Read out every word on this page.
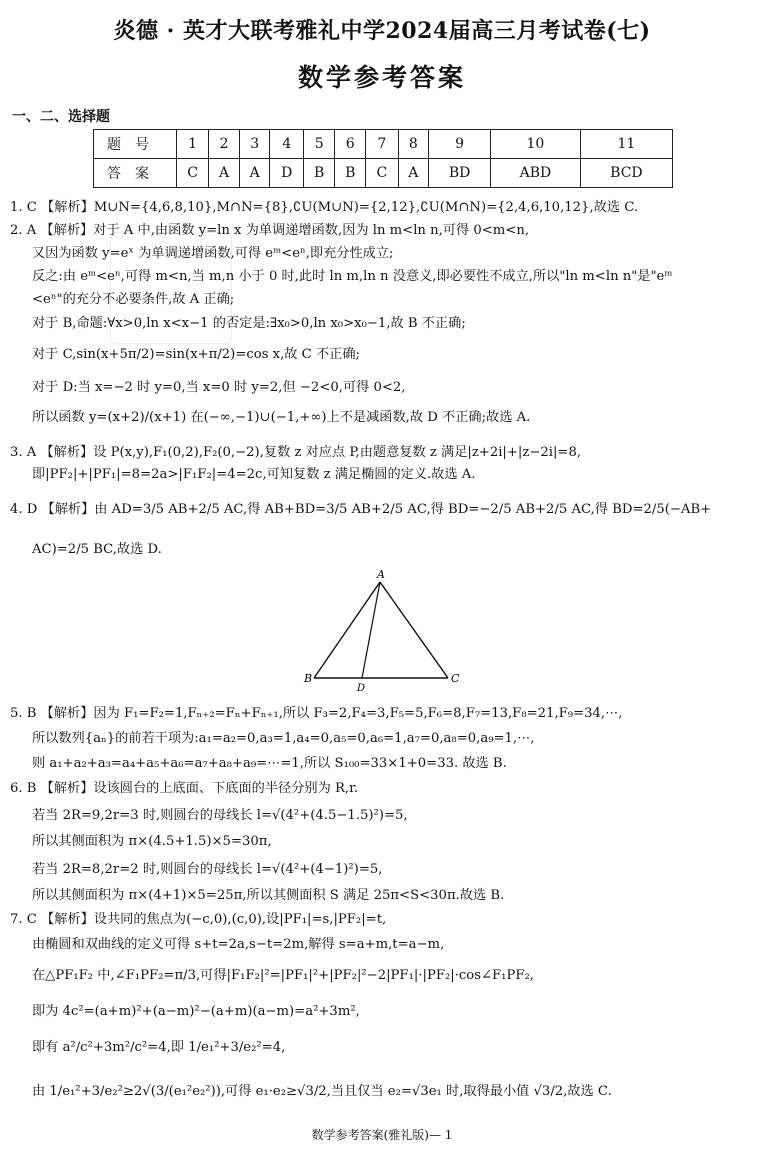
炎德 · 英才大联考雅礼中学2024届高三月考试卷(七)
数学参考答案
一、二、选择题
题号	1	2	3	4	5	6	7	8	9	10	11
答案	C	A	A	D	B	B	C	A	BD	ABD	BCD
1. C 【解析】M∪N={4,6,8,10},M∩N={8},∁U(M∪N)={2,12},∁U(M∩N)={2,4,6,10,12},故选 C.
2. A 【解析】对于 A 中,由函数 y=ln x 为单调递增函数,因为 ln m<ln n,可得 0<m<n,
又因为函数 y=eˣ 为单调递增函数,可得 eᵐ<eⁿ,即充分性成立;
反之:由 eᵐ<eⁿ,可得 m<n,当 m,n 小于 0 时,此时 ln m,ln n 没意义,即必要性不成立,所以"ln m<ln n"是"eᵐ
<eⁿ"的充分不必要条件,故 A 正确;
对于 B,命题:∀x>0,ln x<x−1 的否定是:∃x₀>0,ln x₀>x₀−1,故 B 不正确;
对于 C,sin(x+5π/2)=sin(x+π/2)=cos x,故 C 不正确;
对于 D:当 x=−2 时 y=0,当 x=0 时 y=2,但 −2<0,可得 0<2,
所以函数 y=(x+2)/(x+1) 在(−∞,−1)∪(−1,+∞)上不是减函数,故 D 不正确;故选 A.
3. A 【解析】设 P(x,y),F₁(0,2),F₂(0,−2),复数 z 对应点 P,由题意复数 z 满足|z+2i|+|z−2i|=8,
即|PF₂|+|PF₁|=8=2a>|F₁F₂|=4=2c,可知复数 z 满足椭圆的定义.故选 A.
4. D 【解析】由 AD=3/5 AB+2/5 AC,得 AB+BD=3/5 AB+2/5 AC,得 BD=−2/5 AB+2/5 AC,得 BD=2/5(−AB+
AC)=2/5 BC,故选 D.
A
B
D
C
5. B 【解析】因为 F₁=F₂=1,Fₙ₊₂=Fₙ+Fₙ₊₁,所以 F₃=2,F₄=3,F₅=5,F₆=8,F₇=13,F₈=21,F₉=34,⋯,
所以数列{aₙ}的前若干项为:a₁=a₂=0,a₃=1,a₄=0,a₅=0,a₆=1,a₇=0,a₈=0,a₉=1,⋯,
则 a₁+a₂+a₃=a₄+a₅+a₆=a₇+a₈+a₉=⋯=1,所以 S₁₀₀=33×1+0=33. 故选 B.
6. B 【解析】设该圆台的上底面、下底面的半径分别为 R,r.
若当 2R=9,2r=3 时,则圆台的母线长 l=√(4²+(4.5−1.5)²)=5,
所以其侧面积为 π×(4.5+1.5)×5=30π,
若当 2R=8,2r=2 时,则圆台的母线长 l=√(4²+(4−1)²)=5,
所以其侧面积为 π×(4+1)×5=25π,所以其侧面积 S 满足 25π<S<30π.故选 B.
7. C 【解析】设共同的焦点为(−c,0),(c,0),设|PF₁|=s,|PF₂|=t,
由椭圆和双曲线的定义可得 s+t=2a,s−t=2m,解得 s=a+m,t=a−m,
在△PF₁F₂ 中,∠F₁PF₂=π/3,可得|F₁F₂|²=|PF₁|²+|PF₂|²−2|PF₁|·|PF₂|·cos∠F₁PF₂,
即为 4c²=(a+m)²+(a−m)²−(a+m)(a−m)=a²+3m²,
即有 a²/c²+3m²/c²=4,即 1/e₁²+3/e₂²=4,
由 1/e₁²+3/e₂²≥2√(3/(e₁²e₂²)),可得 e₁·e₂≥√3/2,当且仅当 e₂=√3e₁ 时,取得最小值 √3/2,故选 C.
数学参考答案(雅礼版)— 1
